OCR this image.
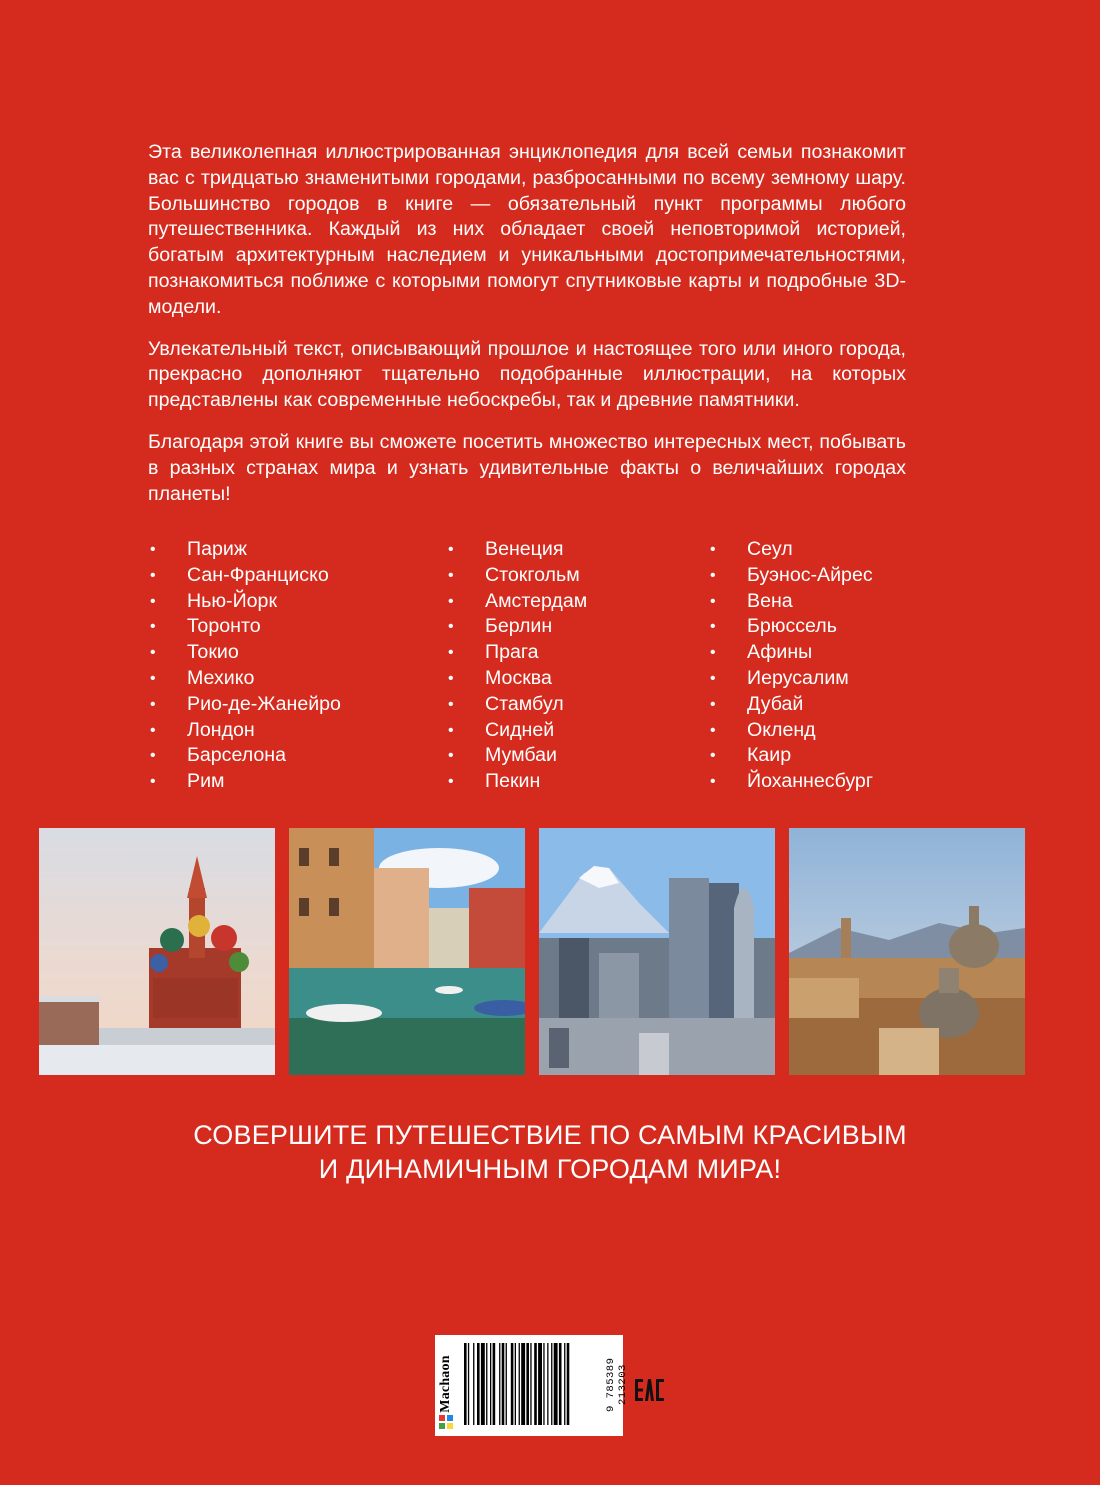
Эта великолепная иллюстрированная энциклопедия для всей семьи познакомит вас с тридцатью знаменитыми городами, разбросанными по всему земному шару. Большинство городов в книге — обязательный пункт программы любого путешественника. Каждый из них обладает своей неповторимой историей, богатым архитектурным наследием и уникальными достопримечательностями, познакомиться поближе с которыми помогут спутниковые карты и подробные 3D-модели.

Увлекательный текст, описывающий прошлое и настоящее того или иного города, прекрасно дополняют тщательно подобранные иллюстрации, на которых представлены как современные небоскребы, так и древние памятники.

Благодаря этой книге вы сможете посетить множество интересных мест, побывать в разных странах мира и узнать удивительные факты о величайших городах планеты!

• Париж
• Сан-Франциско
• Нью-Йорк
• Торонто
• Токио
• Мехико
• Рио-де-Жанейро
• Лондон
• Барселона
• Рим
• Венеция
• Стокгольм
• Амстердам
• Берлин
• Прага
• Москва
• Стамбул
• Сидней
• Мумбаи
• Пекин
• Сеул
• Буэнос-Айрес
• Вена
• Брюссель
• Афины
• Иерусалим
• Дубай
• Окленд
• Каир
• Йоханнесбург
СОВЕРШИТЕ ПУТЕШЕСТВИЕ ПО САМЫМ КРАСИВЫМ
И ДИНАМИЧНЫМ ГОРОДАМ МИРА!
Machaon	9 785389 213203
